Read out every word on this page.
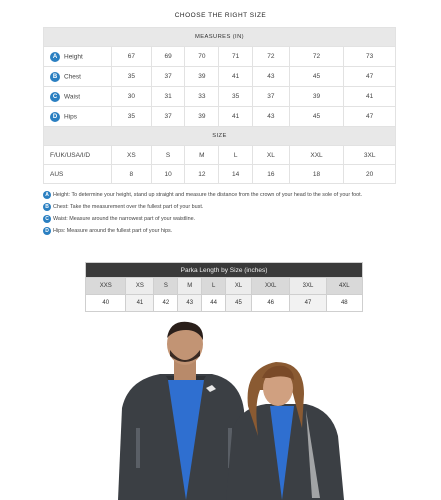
CHOOSE THE RIGHT SIZE
MEASURES (IN)							
A Height	67	69	70	71	72	72	73
B Chest	35	37	39	41	43	45	47
C Waist	30	31	33	35	37	39	41
D Hips	35	37	39	41	43	45	47
SIZE							
F/UK/USA/I/D	XS	S	M	L	XL	XXL	3XL
AUS	8	10	12	14	16	18	20
A Height: To determine your height, stand up straight and measure the distance from the crown of your head to the sole of your foot.
B Chest: Take the measurement over the fullest part of your bust.
C Waist: Measure around the narrowest part of your waistline.
D Hips: Measure around the fullest part of your hips.
Parka Length by Size (inches)								
XXS	XS	S	M	L	XL	XXL	3XL	4XL
40	41	42	43	44	45	46	47	48
